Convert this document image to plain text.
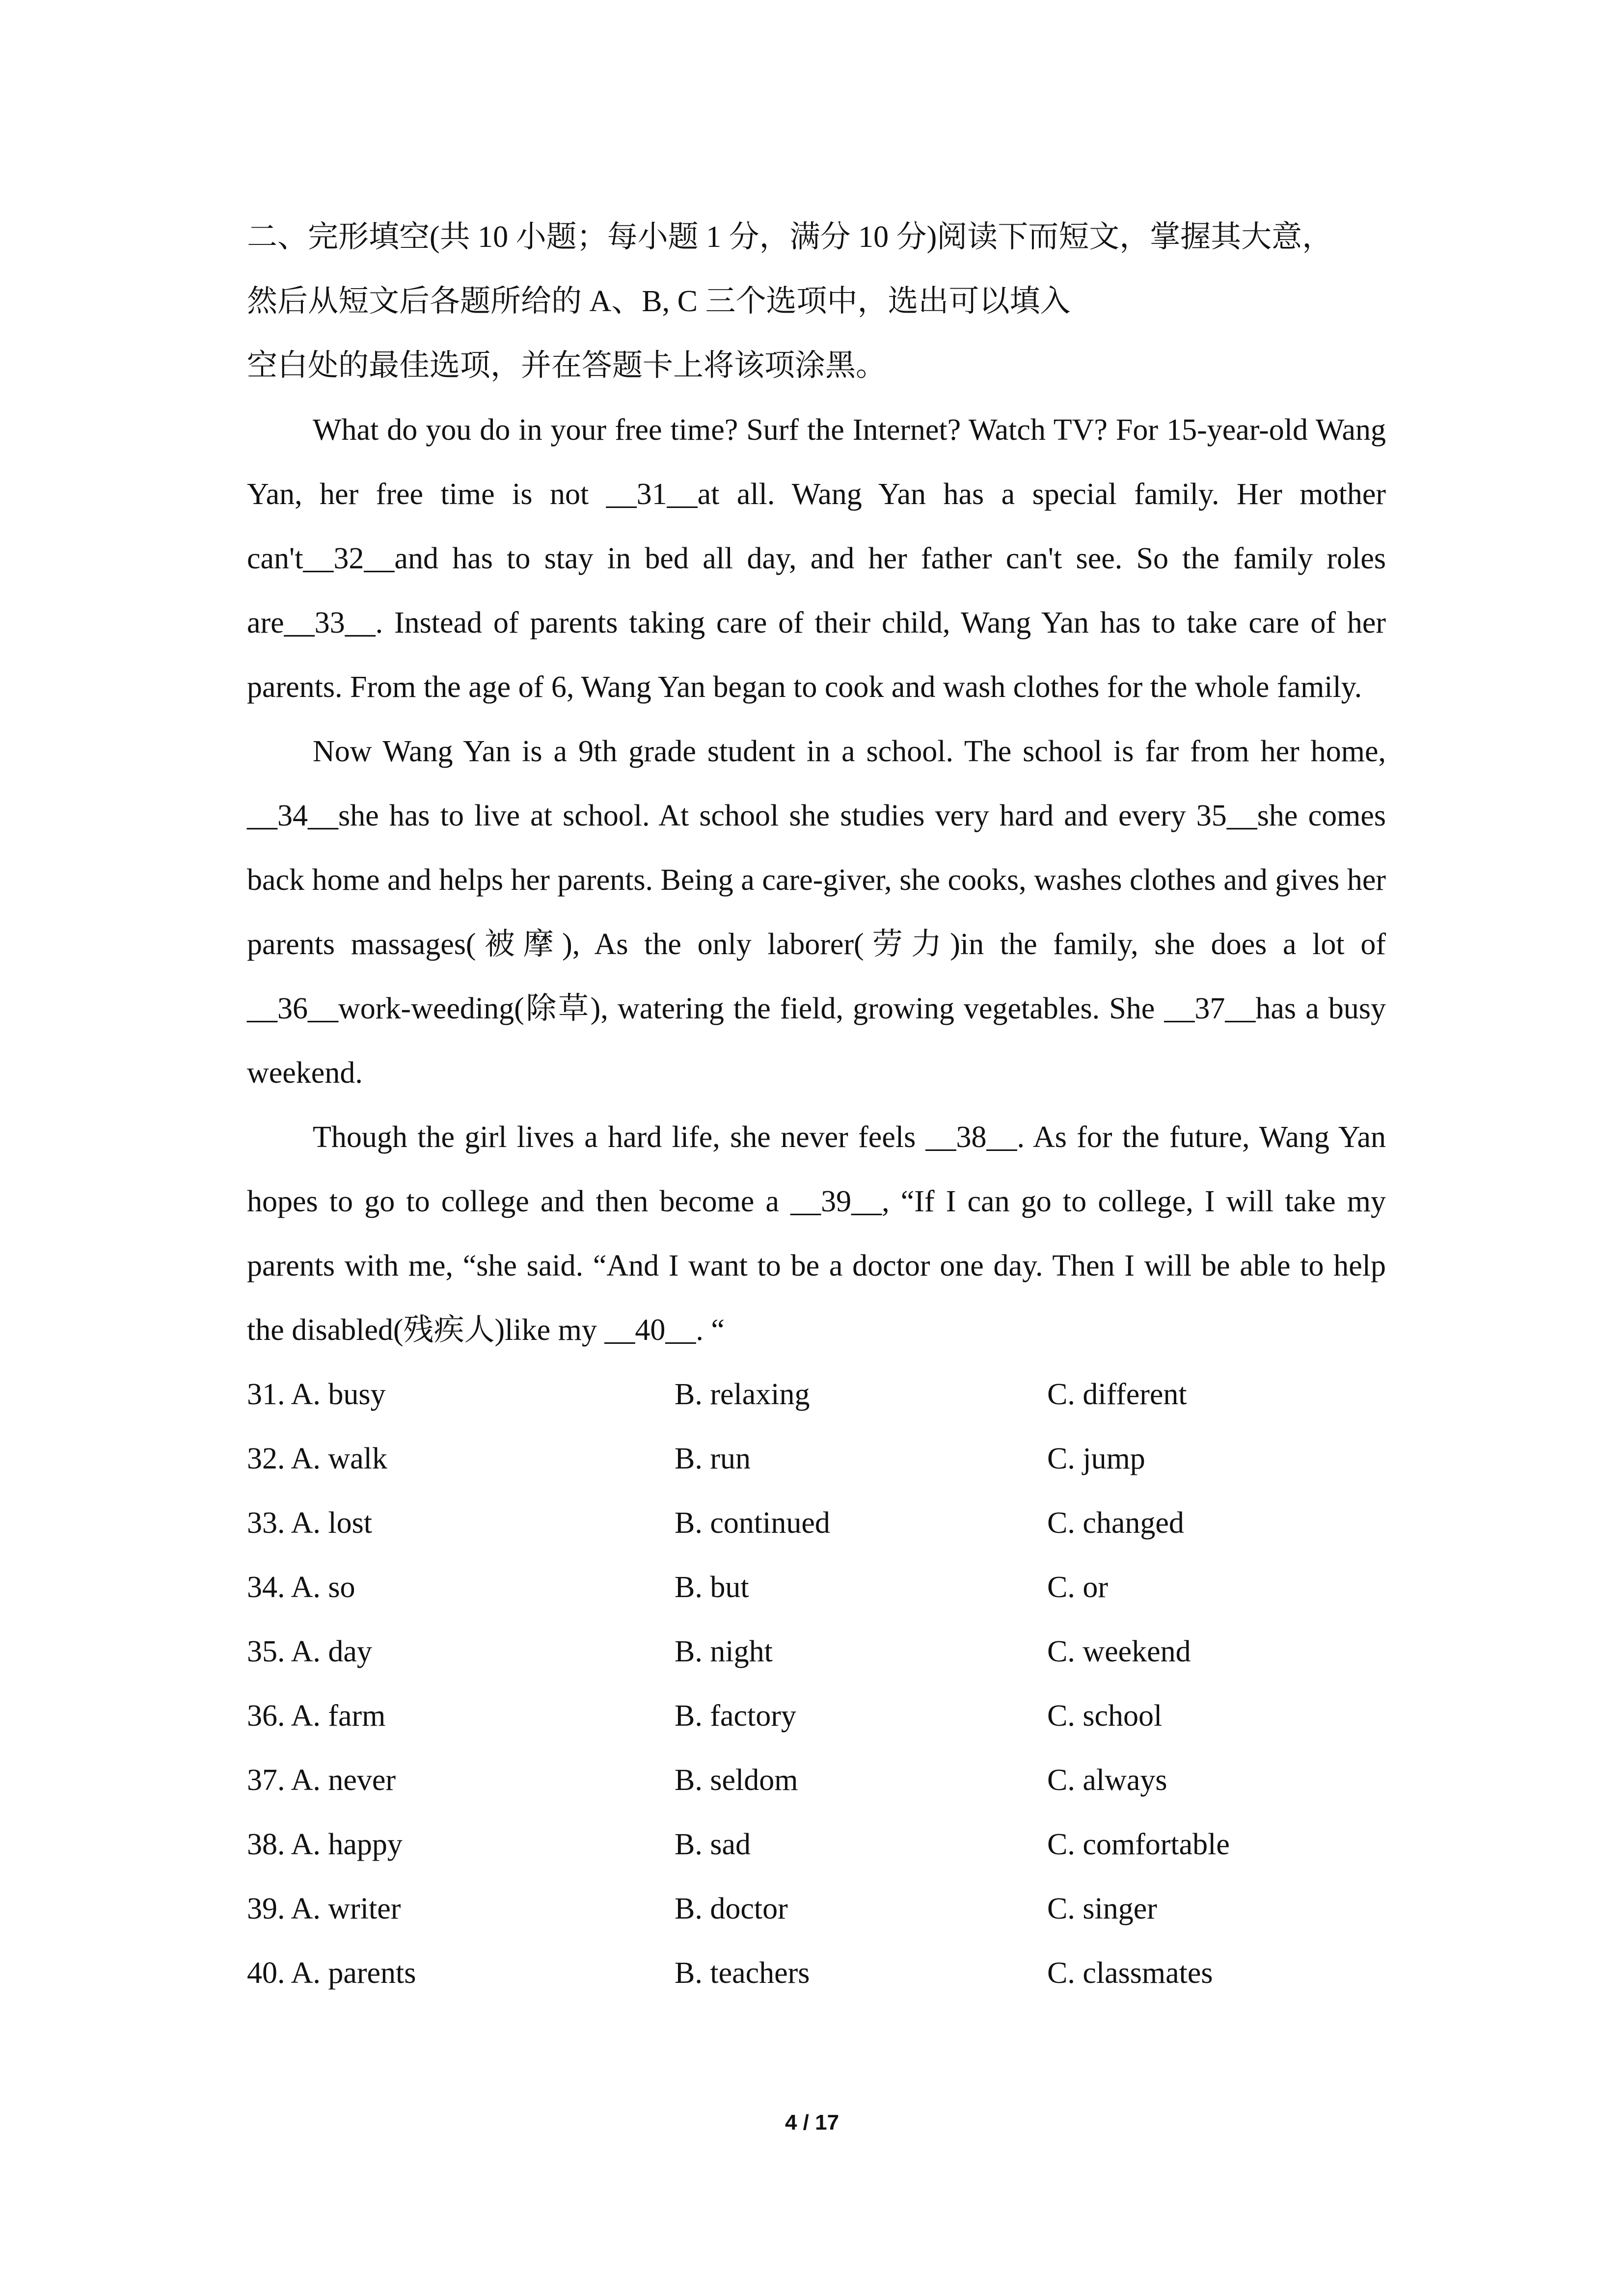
二、完形填空(共 10 小题；每小题 1 分，满分 10 分)阅读下而短文，掌握其大意，
然后从短文后各题所给的 A、B, C 三个选项中，选出可以填入
空白处的最佳选项，并在答题卡上将该项涂黑。

What do you do in your free time? Surf the Internet? Watch TV? For 15-year-old Wang Yan, her free time is not __31__at all. Wang Yan has a special family. Her mother can't__32__and has to stay in bed all day, and her father can't see. So the family roles are__33__. Instead of parents taking care of their child, Wang Yan has to take care of her parents. From the age of 6, Wang Yan began to cook and wash clothes for the whole family.

Now Wang Yan is a 9th grade student in a school. The school is far from her home, __34__she has to live at school. At school she studies very hard and every 35__she comes back home and helps her parents. Being a care-giver, she cooks, washes clothes and gives her parents massages(被摩), As the only laborer(劳力)in the family, she does a lot of __36__work-weeding(除草), watering the field, growing vegetables. She __37__has a busy weekend.

Though the girl lives a hard life, she never feels __38__. As for the future, Wang Yan hopes to go to college and then become a __39__, “If I can go to college, I will take my parents with me, “she said. “And I want to be a doctor one day. Then I will be able to help the disabled(残疾人)like my __40__. “

31. A. busy	B. relaxing	C. different
32. A. walk	B. run	C. jump
33. A. lost	B. continued	C. changed
34. A. so	B. but	C. or
35. A. day	B. night	C. weekend
36. A. farm	B. factory	C. school
37. A. never	B. seldom	C. always
38. A. happy	B. sad	C. comfortable
39. A. writer	B. doctor	C. singer
40. A. parents	B. teachers	C. classmates
4 / 17
